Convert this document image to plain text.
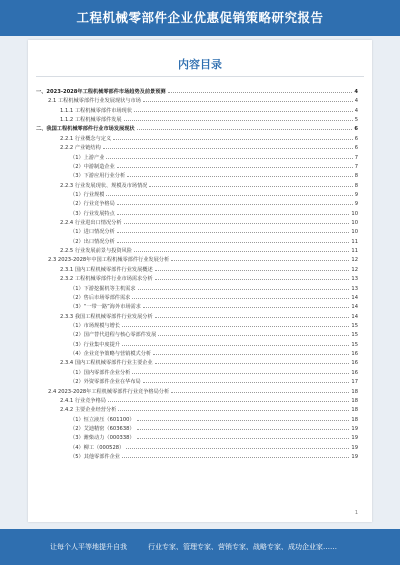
工程机械零部件企业优惠促销策略研究报告
内容目录
一、2023-2028年工程机械零部件市场趋势及前景预测	4
2.1 工程机械零部件行业发展现状与市场	4
1.1.1 工程机械零部件市场现状	4
1.1.2 工程机械零部件发展	5
二、我国工程机械零部件行业市场发展现状	6
2.2.1 行业概念与定义	6
2.2.2 产业链结构	6
（1）上游产业	7
（2）中游制造企业	7
（3）下游应用行业分析	8
2.2.3 行业发展现状、规模及市场情况	8
（1）行业规模	9
（2）行业竞争格局	9
（3）行业发展特点	10
2.2.4 行业进出口情况分析	10
（1）进口情况分析	10
（2）出口情况分析	11
2.2.5 行业发展前景与投资风险	11
2.3 2023-2028年中国工程机械零部件行业发展分析	12
2.3.1 国内工程机械零部件行业发展概述	12
2.3.2 工程机械零部件行业市场需求分析	13
（1）下游挖掘机等主机需求	13
（2）售后市场零部件需求	14
（3）“一带一路”海外市场需求	14
2.3.3 我国工程机械零部件行业发展分析	14
（1）市场规模与增长	15
（2）国产替代进程与核心零部件发展	15
（3）行业集中度提升	15
（4）企业竞争策略与营销模式分析	16
2.3.4 国内工程机械零部件行业主要企业	16
（1）国内零部件企业分析	16
（2）外资零部件企业在华布局	17
2.4 2023-2028年工程机械零部件行业竞争格局分析	18
2.4.1 行业竞争格局	18
2.4.2 主要企业经营分析	18
（1）恒立液压（601100）	18
（2）艾迪精密（603638）	19
（3）潍柴动力（000338）	19
（4）柳工（000528）	19
（5）其他零部件企业	19
1
让每个人平等地提升自我	行业专家、管理专家、营销专家、战略专家、成功企业家……
